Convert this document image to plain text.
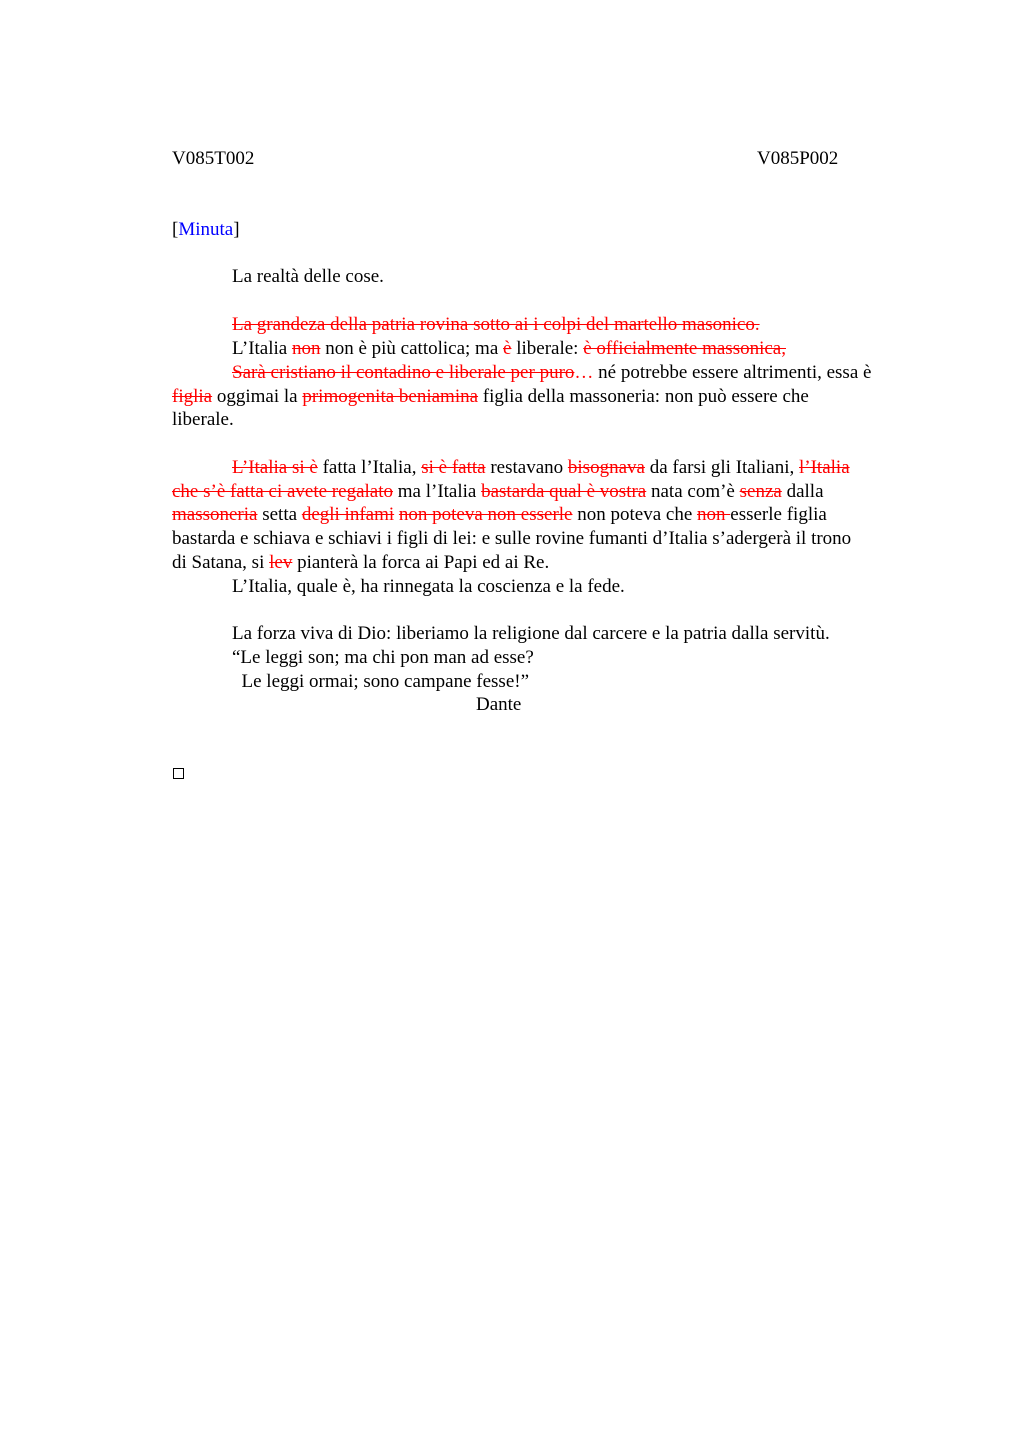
V085T002	V085P002
[Minuta]
La realtà delle cose.
La grandeza della patria rovina sotto ai i colpi del martello masonico.
L’Italia non non è più cattolica; ma è liberale: è officialmente massonica,
Sarà cristiano il contadino e liberale per puro… né potrebbe essere altrimenti, essa è
figlia oggimai la primogenita beniamina figlia della massoneria: non può essere che
liberale.
L’Italia si è fatta l’Italia, si è fatta restavano bisognava da farsi gli Italiani, l’Italia
che s’è fatta ci avete regalato ma l’Italia bastarda qual è vostra nata com’è senza dalla
massoneria setta degli infami non poteva non esserle non poteva che non esserle figlia
bastarda e schiava e schiavi i figli di lei: e sulle rovine fumanti d’Italia s’adergerà il trono
di Satana, si lev pianterà la forca ai Papi ed ai Re.
L’Italia, quale è, ha rinnegata la coscienza e la fede.
La forza viva di Dio: liberiamo la religione dal carcere e la patria dalla servitù.
“Le leggi son; ma chi pon man ad esse?
Le leggi ormai; sono campane fesse!”
Dante
